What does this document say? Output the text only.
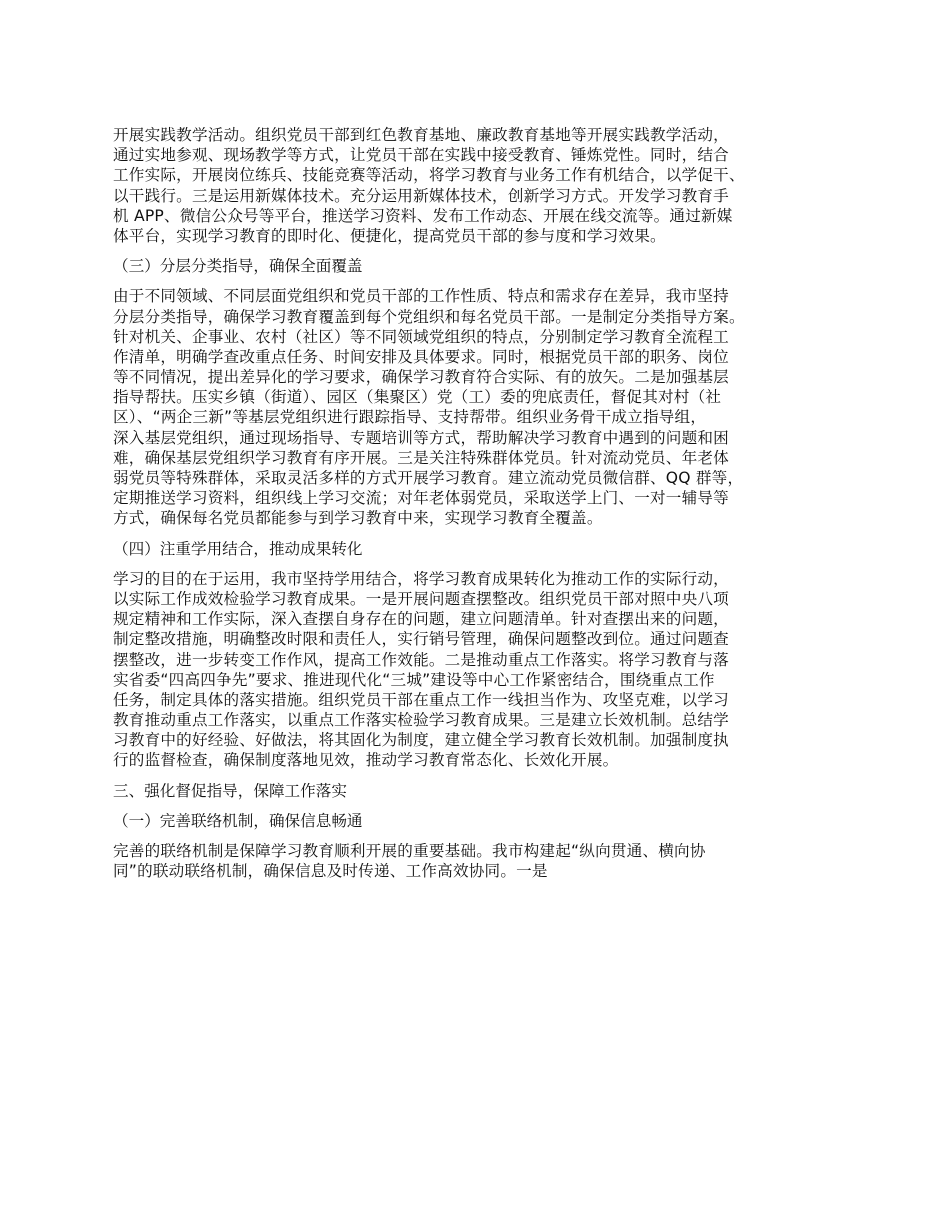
开展实践教学活动。组织党员干部到红色教育基地、廉政教育基地等开展实践教学活动，
通过实地参观、现场教学等方式，让党员干部在实践中接受教育、锤炼党性。同时，结合
工作实际，开展岗位练兵、技能竞赛等活动，将学习教育与业务工作有机结合，以学促干、
以干践行。三是运用新媒体技术。充分运用新媒体技术，创新学习方式。开发学习教育手
机 APP、微信公众号等平台，推送学习资料、发布工作动态、开展在线交流等。通过新媒
体平台，实现学习教育的即时化、便捷化，提高党员干部的参与度和学习效果。
（三）分层分类指导，确保全面覆盖
由于不同领域、不同层面党组织和党员干部的工作性质、特点和需求存在差异，我市坚持
分层分类指导，确保学习教育覆盖到每个党组织和每名党员干部。一是制定分类指导方案。
针对机关、企事业、农村（社区）等不同领域党组织的特点，分别制定学习教育全流程工
作清单，明确学查改重点任务、时间安排及具体要求。同时，根据党员干部的职务、岗位
等不同情况，提出差异化的学习要求，确保学习教育符合实际、有的放矢。二是加强基层
指导帮扶。压实乡镇（街道）、园区（集聚区）党（工）委的兜底责任，督促其对村（社
区）、“两企三新”等基层党组织进行跟踪指导、支持帮带。组织业务骨干成立指导组，
深入基层党组织，通过现场指导、专题培训等方式，帮助解决学习教育中遇到的问题和困
难，确保基层党组织学习教育有序开展。三是关注特殊群体党员。针对流动党员、年老体
弱党员等特殊群体，采取灵活多样的方式开展学习教育。建立流动党员微信群、QQ 群等，
定期推送学习资料，组织线上学习交流；对年老体弱党员，采取送学上门、一对一辅导等
方式，确保每名党员都能参与到学习教育中来，实现学习教育全覆盖。
（四）注重学用结合，推动成果转化
学习的目的在于运用，我市坚持学用结合，将学习教育成果转化为推动工作的实际行动，
以实际工作成效检验学习教育成果。一是开展问题查摆整改。组织党员干部对照中央八项
规定精神和工作实际，深入查摆自身存在的问题，建立问题清单。针对查摆出来的问题，
制定整改措施，明确整改时限和责任人，实行销号管理，确保问题整改到位。通过问题查
摆整改，进一步转变工作作风，提高工作效能。二是推动重点工作落实。将学习教育与落
实省委“四高四争先”要求、推进现代化“三城”建设等中心工作紧密结合，围绕重点工作
任务，制定具体的落实措施。组织党员干部在重点工作一线担当作为、攻坚克难，以学习
教育推动重点工作落实，以重点工作落实检验学习教育成果。三是建立长效机制。总结学
习教育中的好经验、好做法，将其固化为制度，建立健全学习教育长效机制。加强制度执
行的监督检查，确保制度落地见效，推动学习教育常态化、长效化开展。
三、强化督促指导，保障工作落实
（一）完善联络机制，确保信息畅通
完善的联络机制是保障学习教育顺利开展的重要基础。我市构建起“纵向贯通、横向协
同”的联动联络机制，确保信息及时传递、工作高效协同。一是
